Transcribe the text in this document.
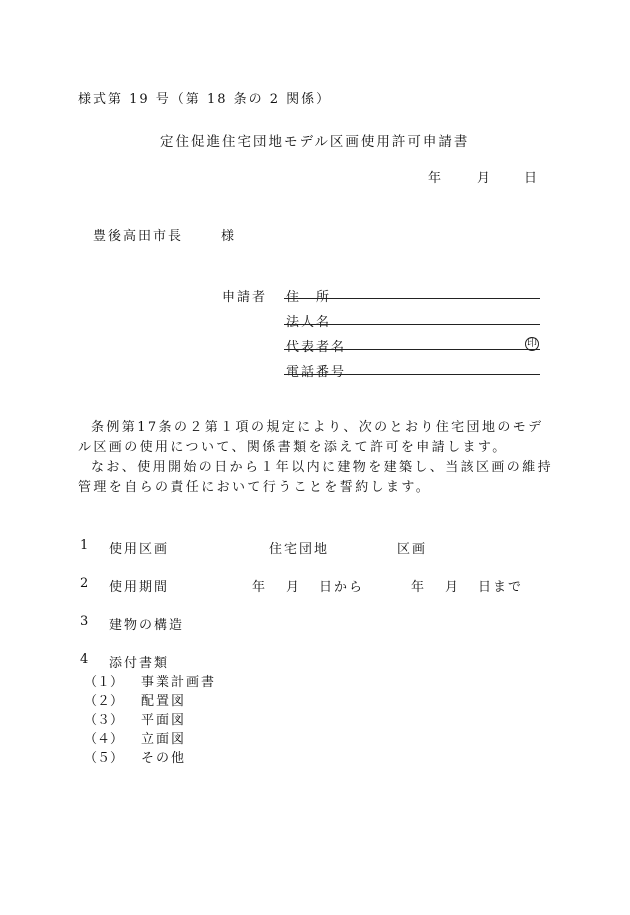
様式第 19 号（第 18 条の 2 関係）
定住促進住宅団地モデル区画使用許可申請書
年	月	日
豊後高田市長	様
申請者 住　所
法人名
代表者名	印
電話番号

条例第17条の２第１項の規定により、次のとおり住宅団地のモデル区画の使用について、関係書類を添えて許可を申請します。

なお、使用開始の日から１年以内に建物を建築し、当該区画の維持管理を自らの責任において行うことを誓約します。

1 使用区画	住宅団地	区画
2 使用期間	年 月 日から	年 月 日まで
3 建物の構造
4 添付書類
（１） 事業計画書
（２） 配置図
（３） 平面図
（４） 立面図
（５） その他
